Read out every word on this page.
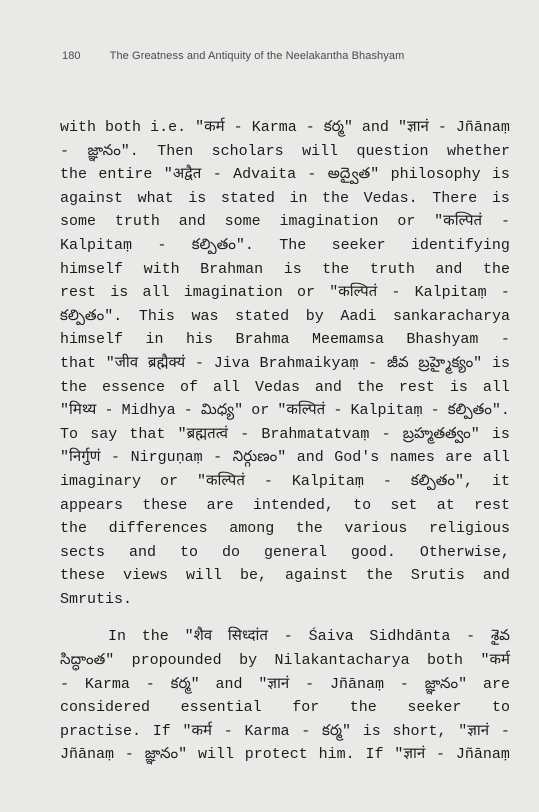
180	The Greatness and Antiquity of the Neelakantha Bhashyam
with both i.e. "कर्म - Karma - కర్మ" and "ज्ञानं - Jñānaṃ
- జ్ఞానం". Then scholars will question whether
the entire "अद्वैत - Advaita - అద్వైత" philosophy is
against what is stated in the Vedas. There is
some truth and some imagination or "कल्पितं -
Kalpitaṃ - కల్పితం". The seeker identifying
himself with Brahman is the truth and the
rest is all imagination or "कल्पितं - Kalpitaṃ -
కల్పితం". This was stated by Aadi sankaracharya
himself in his Brahma Meemamsa Bhashyam -
that "जीव ब्रह्मैक्यं - Jiva Brahmaikyaṃ - జీవ బ్రహ్మైక్యం" is
the essence of all Vedas and the rest is all
"मिथ्य - Midhya - మిధ్య" or "कल्पितं - Kalpitaṃ - కల్పితం".
To say that "ब्रह्मतत्वं - Brahmatatvaṃ - బ్రహ్మతత్వం" is
"निर्गुणं - Nirguṇaṃ - నిర్గుణం" and God's names are all
imaginary or "कल्पितं - Kalpitaṃ - కల్పితం", it
appears these are intended, to set at rest
the differences among the various religious
sects and to do general good. Otherwise,
these views will be, against the Srutis and
Smrutis.
In the "शैव सिध्दांत - Śaiva Sidhdānta - శైవ
సిద్ధాంత" propounded by Nilakantacharya both "कर्म
- Karma - కర్మ" and "ज्ञानं - Jñānaṃ - జ్ఞానం" are
considered essential for the seeker to
practise. If "कर्म - Karma - కర్మ" is short, "ज्ञानं -
Jñānaṃ - జ్ఞానం" will protect him. If "ज्ञानं - Jñānaṃ
